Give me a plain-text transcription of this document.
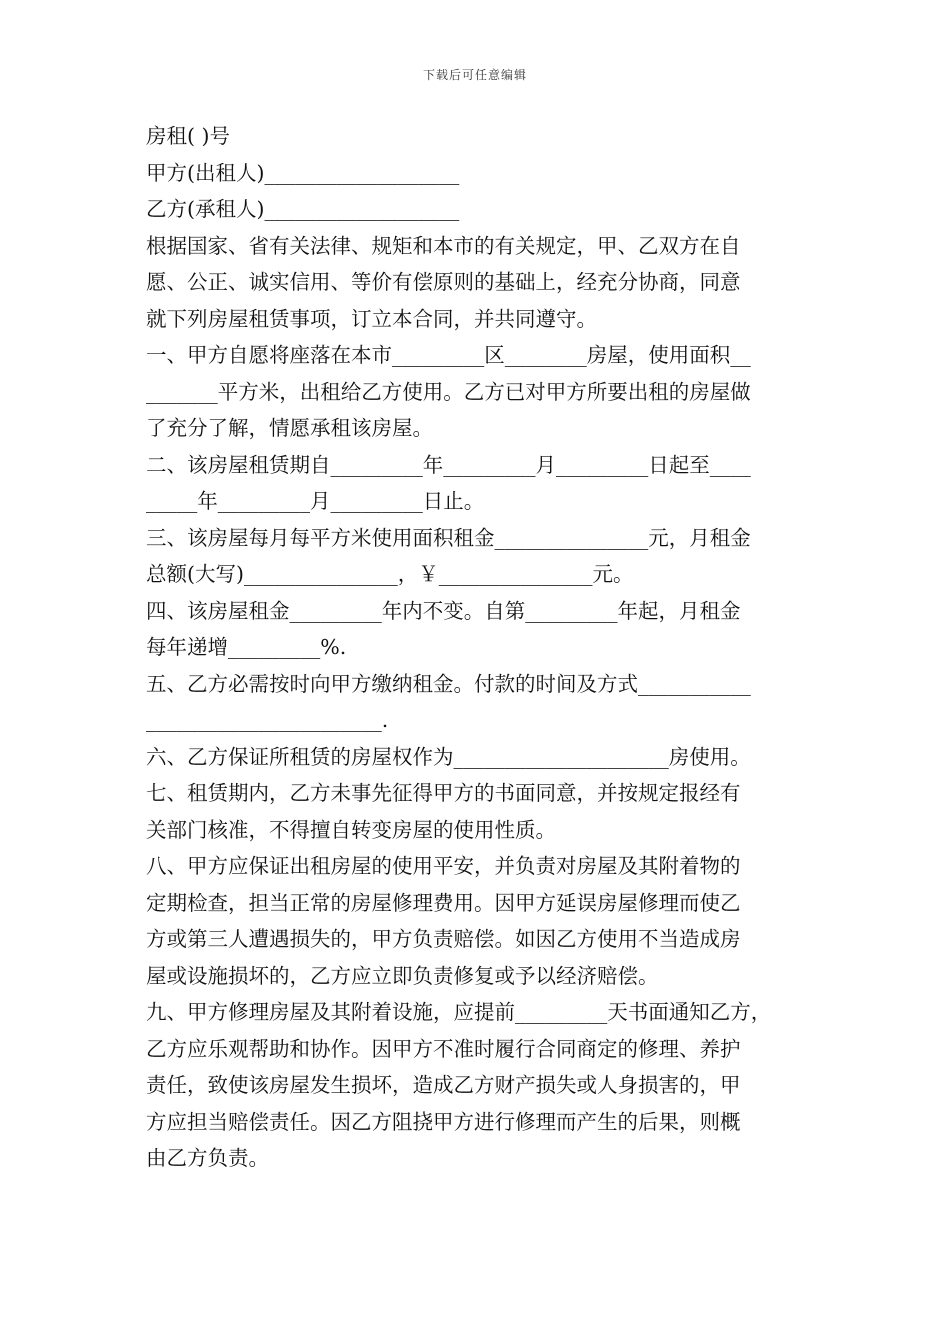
下载后可任意编辑
房租( )号
甲方(出租人)___________________
乙方(承租人)___________________
根据国家、省有关法律、规矩和本市的有关规定，甲、乙双方在自
愿、公正、诚实信用、等价有偿原则的基础上，经充分协商，同意
就下列房屋租赁事项，订立本合同，并共同遵守。
一、甲方自愿将座落在本市_________区________房屋，使用面积__
_______平方米，出租给乙方使用。乙方已对甲方所要出租的房屋做
了充分了解，情愿承租该房屋。
二、该房屋租赁期自_________年_________月_________日起至____
_____年_________月_________日止。
三、该房屋每月每平方米使用面积租金_______________元，月租金
总额(大写)_______________，￥_______________元。
四、该房屋租金_________年内不变。自第_________年起，月租金
每年递增_________%.
五、乙方必需按时向甲方缴纳租金。付款的时间及方式___________
_______________________.
六、乙方保证所租赁的房屋权作为_____________________房使用。
七、租赁期内，乙方未事先征得甲方的书面同意，并按规定报经有
关部门核准，不得擅自转变房屋的使用性质。
八、甲方应保证出租房屋的使用平安，并负责对房屋及其附着物的
定期检查，担当正常的房屋修理费用。因甲方延误房屋修理而使乙
方或第三人遭遇损失的，甲方负责赔偿。如因乙方使用不当造成房
屋或设施损坏的，乙方应立即负责修复或予以经济赔偿。
九、甲方修理房屋及其附着设施，应提前_________天书面通知乙方，
乙方应乐观帮助和协作。因甲方不准时履行合同商定的修理、养护
责任，致使该房屋发生损坏，造成乙方财产损失或人身损害的，甲
方应担当赔偿责任。因乙方阻挠甲方进行修理而产生的后果，则概
由乙方负责。
